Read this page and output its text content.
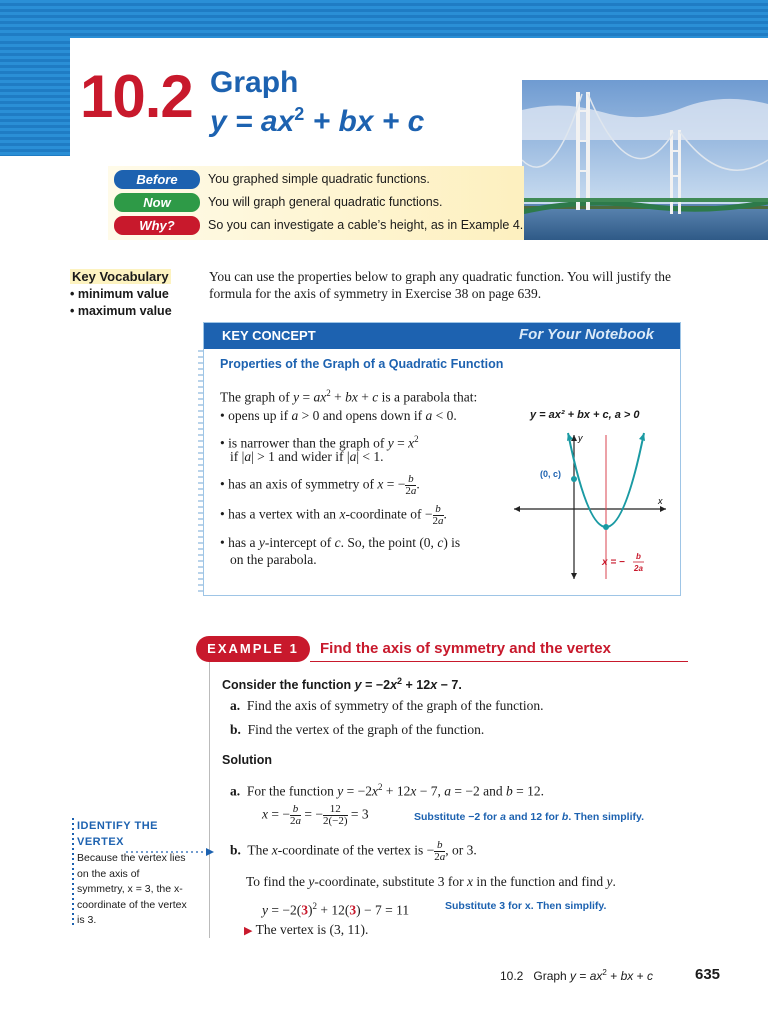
10.2 Graph
$y = ax^2$ + bx + c
Before	You graphed simple quadratic functions.
Now	You will graph general quadratic functions.
Why?	So you can investigate a cable’s height, as in Example 4.
Key Vocabulary
• minimum value
• maximum value
You can use the properties below to graph any quadratic function. You will justify the formula for the axis of symmetry in Exercise 38 on page 639.
KEY CONCEPT	For Your Notebook
Properties of the Graph of a Quadratic Function
The graph of $y = ax^2$ + bx + c is a parabola that:
• opens up if a > 0 and opens down if a < 0.
• is narrower than the graph of $y = x^2$
if |a| > 1 and wider if |a| < 1.
• has an axis of symmetry of x = − $\frac{b}{2a}$ .
• has a vertex with an x-coordinate of − $\frac{b}{2a}$ .
• has a y-intercept of c. So, the point (0, c) is
on the parabola.
y = ax² + bx + c, a > 0
y
x
(0, c)
x = −
b
2a
EXAMPLE 1	Find the axis of symmetry and the vertex
Consider the function $y = -2x^2 + 12x - 7$.
a. Find the axis of symmetry of the graph of the function.
b. Find the vertex of the graph of the function.
Solution
a.  For the function $y = -2x^2 + 12x - 7$, a = −2 and b = 12.
x = − $\frac{b}{2a}$ = − $\frac{12}{2(-2)} = 3$	Substitute −2 for a and 12 for b. Then simplify.
b.  The x-coordinate of the vertex is − $\frac{b}{2a}$ , or 3.
To find the y-coordinate, substitute 3 for x in the function and find y.
$y = -2(3)^2 + 12(3) - 7 = 11$	Substitute 3 for x. Then simplify.
▶ The vertex is (3, 11).
IDENTIFY THE
VERTEX
Because the vertex lies on the axis of symmetry, x = 3, the x-coordinate of the vertex is 3.
10.2   Graph $y = ax^2$ + bx + c	635
